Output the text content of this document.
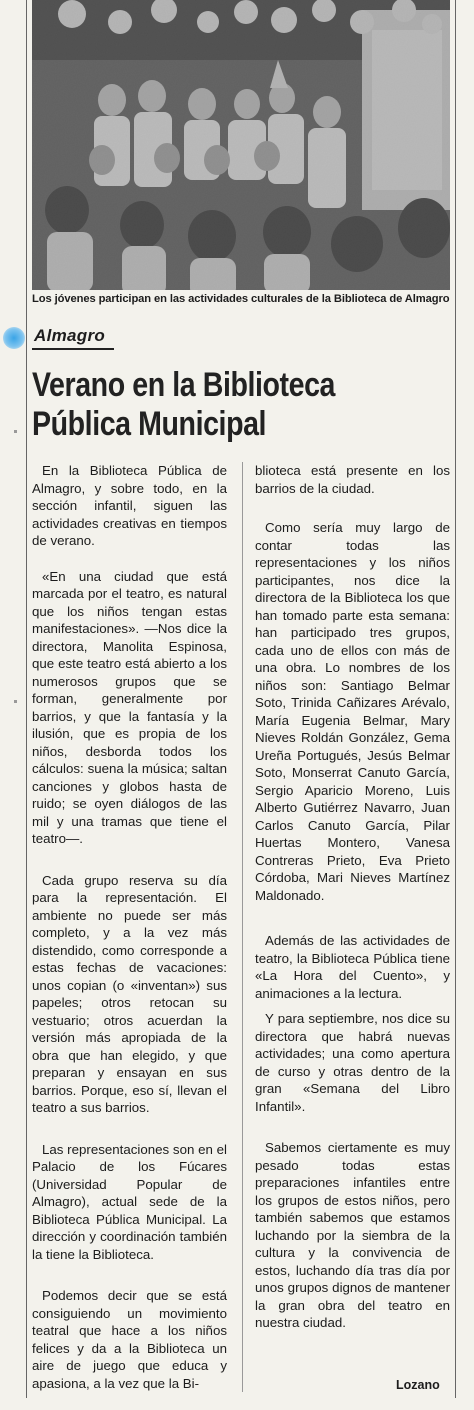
Los jóvenes participan en las actividades culturales de la Biblioteca de Almagro
Almagro
Verano en la Biblioteca Pública Municipal

En la Biblioteca Pública de Almagro, y sobre todo, en la sección infantil, siguen las actividades creativas en tiempos de verano.

«En una ciudad que está marcada por el teatro, es natural que los niños tengan estas manifestaciones». —Nos dice la directora, Manolita Espinosa, que este teatro está abierto a los numerosos grupos que se forman, generalmente por barrios, y que la fantasía y la ilusión, que es propia de los niños, desborda todos los cálculos: suena la música; saltan canciones y globos hasta de ruido; se oyen diálogos de las mil y una tramas que tiene el teatro—.

Cada grupo reserva su día para la representación. El ambiente no puede ser más completo, y a la vez más distendido, como corresponde a estas fechas de vacaciones: unos copian (o «inventan») sus papeles; otros retocan su vestuario; otros acuerdan la versión más apropiada de la obra que han elegido, y que preparan y ensayan en sus barrios. Porque, eso sí, llevan el teatro a sus barrios.

Las representaciones son en el Palacio de los Fúcares (Universidad Popular de Almagro), actual sede de la Biblioteca Pública Municipal. La dirección y coordinación también la tiene la Biblioteca.

Podemos decir que se está consiguiendo un movimiento teatral que hace a los niños felices y da a la Biblioteca un aire de juego que educa y apasiona, a la vez que la Bi-

blioteca está presente en los barrios de la ciudad.

Como sería muy largo de contar todas las representaciones y los niños participantes, nos dice la directora de la Biblioteca los que han tomado parte esta semana: han participado tres grupos, cada uno de ellos con más de una obra. Lo nombres de los niños son: Santiago Belmar Soto, Trinida Cañizares Arévalo, María Eugenia Belmar, Mary Nieves Roldán González, Gema Ureña Portugués, Jesús Belmar Soto, Monserrat Canuto García, Sergio Aparicio Moreno, Luis Alberto Gutiérrez Navarro, Juan Carlos Canuto García, Pilar Huertas Montero, Vanesa Contreras Prieto, Eva Prieto Córdoba, Mari Nieves Martínez Maldonado.

Además de las actividades de teatro, la Biblioteca Pública tiene «La Hora del Cuento», y animaciones a la lectura.

Y para septiembre, nos dice su directora que habrá nuevas actividades; una como apertura de curso y otras dentro de la gran «Semana del Libro Infantil».

Sabemos ciertamente es muy pesado todas estas preparaciones infantiles entre los grupos de estos niños, pero también sabemos que estamos luchando por la siembra de la cultura y la convivencia de estos, luchando día tras día por unos grupos dignos de mantener la gran obra del teatro en nuestra ciudad.

Lozano
